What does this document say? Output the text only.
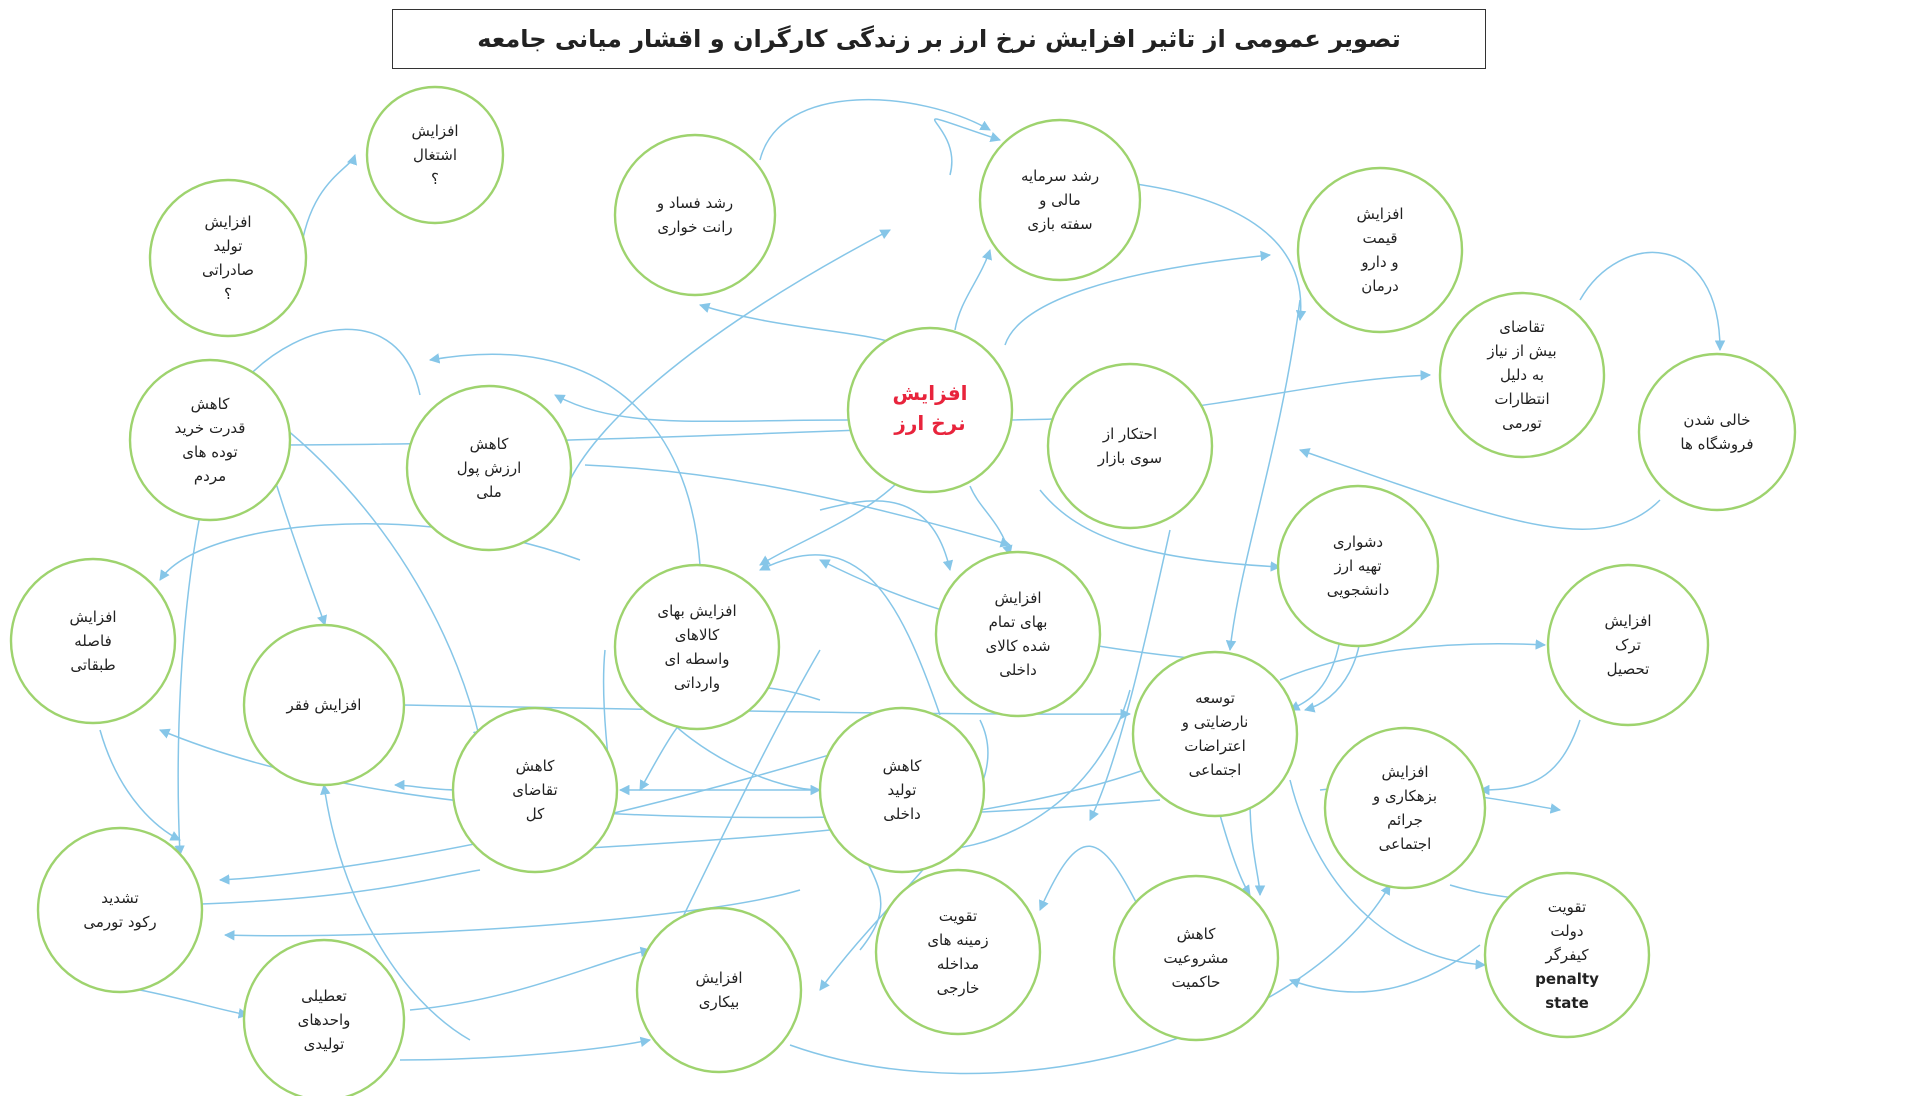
تصویر عمومی از تاثیر افزایش نرخ ارز بر زندگی کارگران و اقشار میانی جامعه
افزایش
نرخ ارز
افزایش
اشتغال
؟
افزایش
تولید
صادراتی
؟
رشد فساد و
رانت خواری
رشد سرمایه
مالی و
سفته بازی
افزایش
قیمت
و دارو
درمان
تقاضای
بیش از نیاز
به دلیل
انتظارات
تورمی	خالی شدن
فروشگاه ها
کاهش
قدرت خرید
توده های
مردم
کاهش
ارزش پول
ملی
احتکار از
سوی بازار
دشواری
تهیه ارز
دانشجویی
افزایش
فاصله
طبقاتی
افزایش بهای
کالاهای
واسطه ای
وارداتی
افزایش
بهای تمام
شده کالای
داخلی
توسعه
نارضایتی و
اعتراضات
اجتماعی
افزایش
ترک
تحصیل
افزایش فقر
کاهش
تقاضای
کل
کاهش
تولید
داخلی
افزایش
بزهکاری و
جرائم
اجتماعی
تشدید
رکود تورمی	تقویت
زمینه های
مداخله
خارجی
کاهش
مشروعیت
حاکمیت
تقویت
دولت
کیفرگر
penalty
state
تعطیلی
واحدهای
تولیدی
افزایش
بیکاری
